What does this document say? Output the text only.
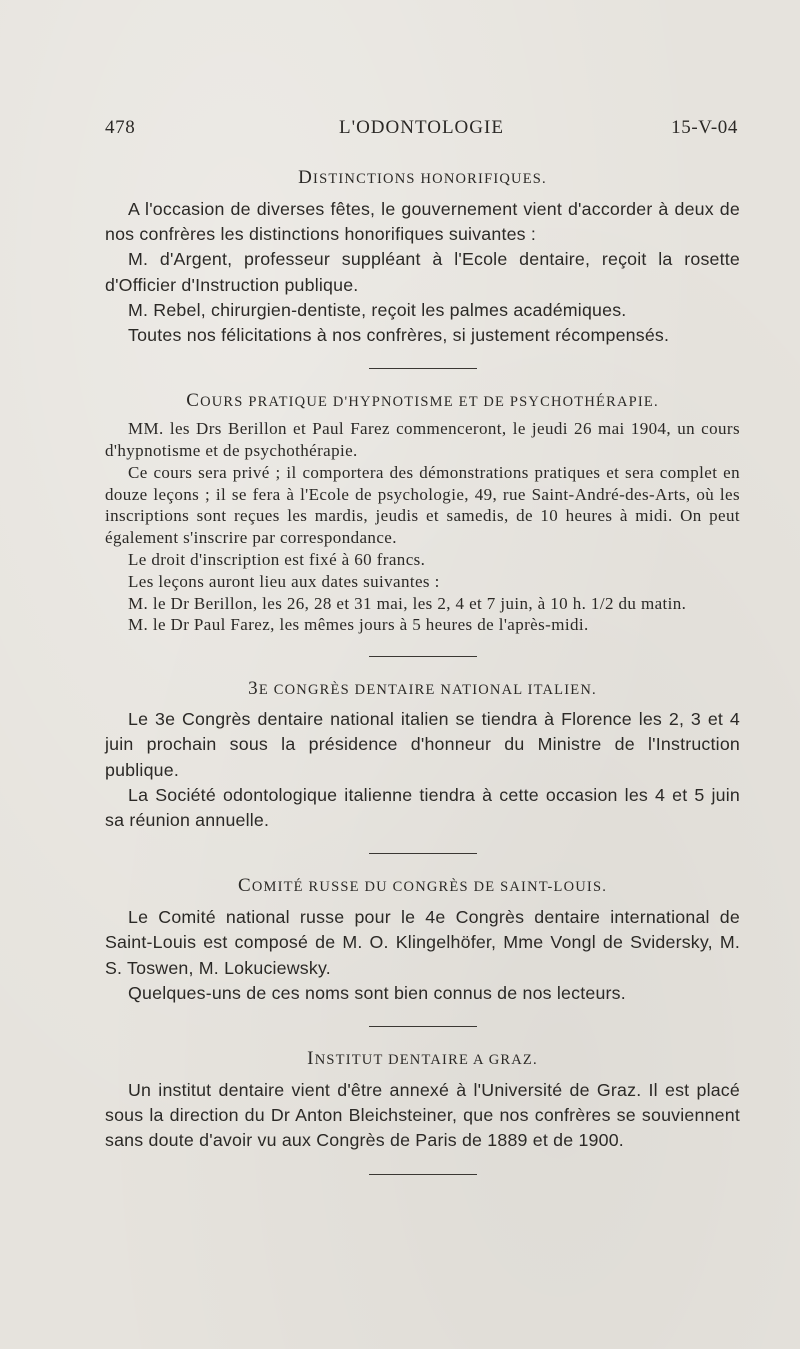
478	L'ODONTOLOGIE	15-V-04
DISTINCTIONS HONORIFIQUES.

A l'occasion de diverses fêtes, le gouvernement vient d'accorder à deux de nos confrères les distinctions honorifiques suivantes :

M. d'Argent, professeur suppléant à l'Ecole dentaire, reçoit la rosette d'Officier d'Instruction publique.

M. Rebel, chirurgien-dentiste, reçoit les palmes académiques.

Toutes nos félicitations à nos confrères, si justement récompensés.

COURS PRATIQUE D'HYPNOTISME ET DE PSYCHOTHÉRAPIE.

MM. les Drs Berillon et Paul Farez commenceront, le jeudi 26 mai 1904, un cours d'hypnotisme et de psychothérapie.

Ce cours sera privé ; il comportera des démonstrations pratiques et sera complet en douze leçons ; il se fera à l'Ecole de psychologie, 49, rue Saint-André-des-Arts, où les inscriptions sont reçues les mardis, jeudis et samedis, de 10 heures à midi. On peut également s'inscrire par correspondance.

Le droit d'inscription est fixé à 60 francs.

Les leçons auront lieu aux dates suivantes :

M. le Dr Berillon, les 26, 28 et 31 mai, les 2, 4 et 7 juin, à 10 h. 1/2 du matin.

M. le Dr Paul Farez, les mêmes jours à 5 heures de l'après-midi.

3E CONGRÈS DENTAIRE NATIONAL ITALIEN.

Le 3e Congrès dentaire national italien se tiendra à Florence les 2, 3 et 4 juin prochain sous la présidence d'honneur du Ministre de l'Instruction publique.

La Société odontologique italienne tiendra à cette occasion les 4 et 5 juin sa réunion annuelle.

COMITÉ RUSSE DU CONGRÈS DE SAINT-LOUIS.

Le Comité national russe pour le 4e Congrès dentaire international de Saint-Louis est composé de M. O. Klingelhöfer, Mme Vongl de Svidersky, M. S. Toswen, M. Lokuciewsky.

Quelques-uns de ces noms sont bien connus de nos lecteurs.

INSTITUT DENTAIRE A GRAZ.

Un institut dentaire vient d'être annexé à l'Université de Graz. Il est placé sous la direction du Dr Anton Bleichsteiner, que nos confrères se souviennent sans doute d'avoir vu aux Congrès de Paris de 1889 et de 1900.
